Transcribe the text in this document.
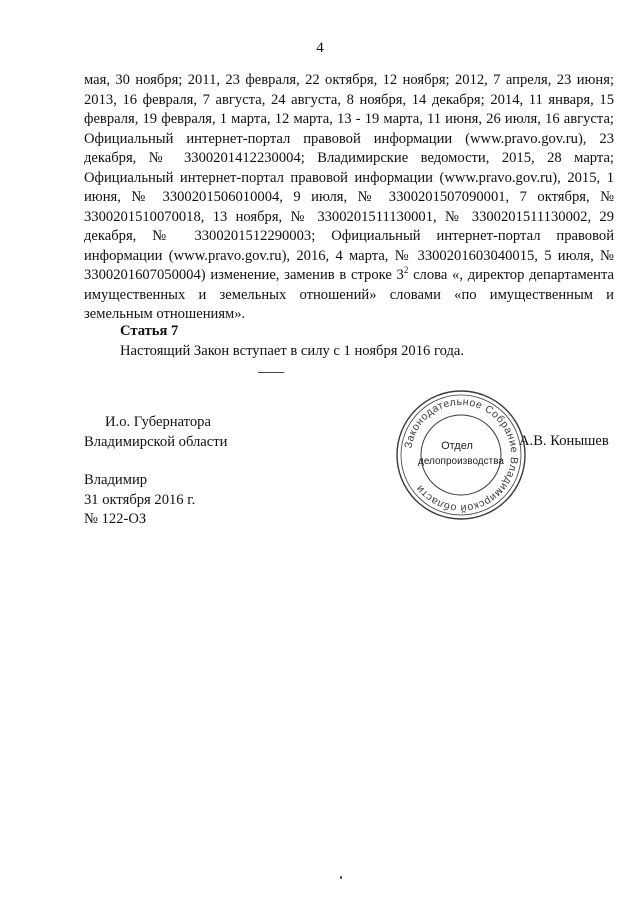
4

мая, 30 ноября; 2011, 23 февраля, 22 октября, 12 ноября; 2012, 7 апреля, 23 июня; 2013, 16 февраля, 7 августа, 24 августа, 8 ноября, 14 декабря; 2014, 11 января, 15 февраля, 19 февраля, 1 марта, 12 марта, 13 - 19 марта, 11 июня, 26 июля, 16 августа; Официальный интернет-портал правовой информации (www.pravo.gov.ru), 23 декабря, № 3300201412230004; Владимирские ведомости, 2015, 28 марта; Официальный интернет-портал правовой информации (www.pravo.gov.ru), 2015, 1 июня, № 3300201506010004, 9 июля, № 3300201507090001, 7 октября, № 3300201510070018, 13 ноября, № 3300201511130001, № 3300201511130002, 29 декабря, № 3300201512290003; Официальный интернет-портал правовой информации (www.pravo.gov.ru), 2016, 4 марта, № 3300201603040015, 5 июля, № 3300201607050004) изменение, заменив в строке $3^2$ слова «, директор департамента имущественных и земельных отношений» словами «по имущественным и земельным отношениям».

Статья 7
Настоящий Закон вступает в силу с 1 ноября 2016 года.
И.о. Губернатора
Владимирской области	А.В. Конышев
Владимир
31 октября 2016 г.
№ 122-ОЗ
Законодательное Собрание Владимирской области
Отдел
делопроизводства
